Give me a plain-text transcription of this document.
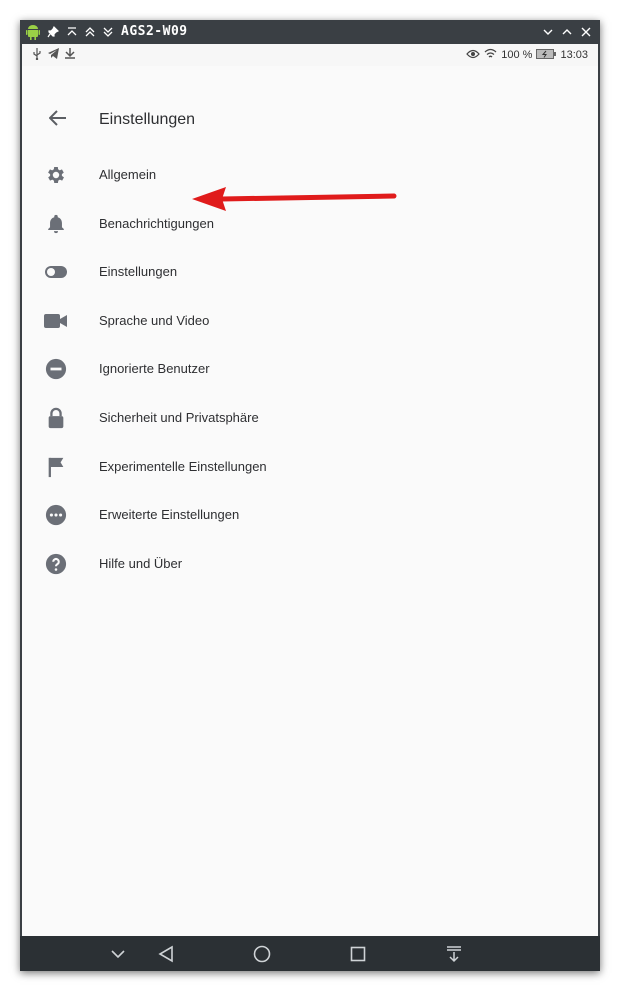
AGS2-W09
100 %	13:03
Einstellungen
Allgemein
Benachrichtigungen
Einstellungen
Sprache und Video
Ignorierte Benutzer
Sicherheit und Privatsphäre
Experimentelle Einstellungen
Erweiterte Einstellungen
Hilfe und Über
